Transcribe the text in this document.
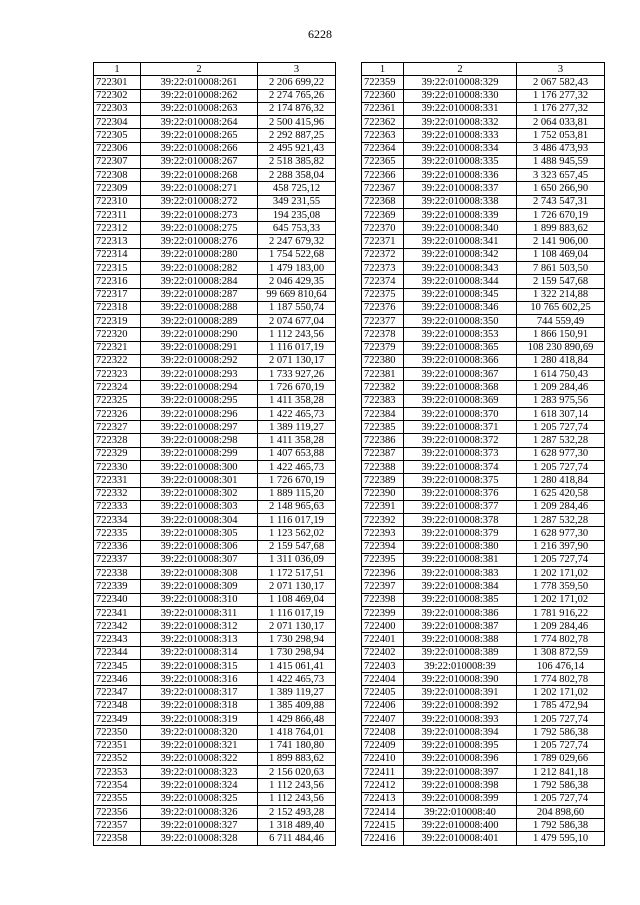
6228
1	2	3
722301	39:22:010008:261	2 206 699,22
722302	39:22:010008:262	2 274 765,26
722303	39:22:010008:263	2 174 876,32
722304	39:22:010008:264	2 500 415,96
722305	39:22:010008:265	2 292 887,25
722306	39:22:010008:266	2 495 921,43
722307	39:22:010008:267	2 518 385,82
722308	39:22:010008:268	2 288 358,04
722309	39:22:010008:271	458 725,12
722310	39:22:010008:272	349 231,55
722311	39:22:010008:273	194 235,08
722312	39:22:010008:275	645 753,33
722313	39:22:010008:276	2 247 679,32
722314	39:22:010008:280	1 754 522,68
722315	39:22:010008:282	1 479 183,00
722316	39:22:010008:284	2 046 429,35
722317	39:22:010008:287	99 669 810,64
722318	39:22:010008:288	1 187 550,74
722319	39:22:010008:289	2 074 677,04
722320	39:22:010008:290	1 112 243,56
722321	39:22:010008:291	1 116 017,19
722322	39:22:010008:292	2 071 130,17
722323	39:22:010008:293	1 733 927,26
722324	39:22:010008:294	1 726 670,19
722325	39:22:010008:295	1 411 358,28
722326	39:22:010008:296	1 422 465,73
722327	39:22:010008:297	1 389 119,27
722328	39:22:010008:298	1 411 358,28
722329	39:22:010008:299	1 407 653,88
722330	39:22:010008:300	1 422 465,73
722331	39:22:010008:301	1 726 670,19
722332	39:22:010008:302	1 889 115,20
722333	39:22:010008:303	2 148 965,63
722334	39:22:010008:304	1 116 017,19
722335	39:22:010008:305	1 123 562,02
722336	39:22:010008:306	2 159 547,68
722337	39:22:010008:307	1 311 036,09
722338	39:22:010008:308	1 172 517,51
722339	39:22:010008:309	2 071 130,17
722340	39:22:010008:310	1 108 469,04
722341	39:22:010008:311	1 116 017,19
722342	39:22:010008:312	2 071 130,17
722343	39:22:010008:313	1 730 298,94
722344	39:22:010008:314	1 730 298,94
722345	39:22:010008:315	1 415 061,41
722346	39:22:010008:316	1 422 465,73
722347	39:22:010008:317	1 389 119,27
722348	39:22:010008:318	1 385 409,88
722349	39:22:010008:319	1 429 866,48
722350	39:22:010008:320	1 418 764,01
722351	39:22:010008:321	1 741 180,80
722352	39:22:010008:322	1 899 883,62
722353	39:22:010008:323	2 156 020,63
722354	39:22:010008:324	1 112 243,56
722355	39:22:010008:325	1 112 243,56
722356	39:22:010008:326	2 152 493,28
722357	39:22:010008:327	1 318 489,40
722358	39:22:010008:328	6 711 484,46
1	2	3
722359	39:22:010008:329	2 067 582,43
722360	39:22:010008:330	1 176 277,32
722361	39:22:010008:331	1 176 277,32
722362	39:22:010008:332	2 064 033,81
722363	39:22:010008:333	1 752 053,81
722364	39:22:010008:334	3 486 473,93
722365	39:22:010008:335	1 488 945,59
722366	39:22:010008:336	3 323 657,45
722367	39:22:010008:337	1 650 266,90
722368	39:22:010008:338	2 743 547,31
722369	39:22:010008:339	1 726 670,19
722370	39:22:010008:340	1 899 883,62
722371	39:22:010008:341	2 141 906,00
722372	39:22:010008:342	1 108 469,04
722373	39:22:010008:343	7 861 503,50
722374	39:22:010008:344	2 159 547,68
722375	39:22:010008:345	1 322 214,88
722376	39:22:010008:346	10 765 602,25
722377	39:22:010008:350	744 559,49
722378	39:22:010008:353	1 866 150,91
722379	39:22:010008:365	108 230 890,69
722380	39:22:010008:366	1 280 418,84
722381	39:22:010008:367	1 614 750,43
722382	39:22:010008:368	1 209 284,46
722383	39:22:010008:369	1 283 975,56
722384	39:22:010008:370	1 618 307,14
722385	39:22:010008:371	1 205 727,74
722386	39:22:010008:372	1 287 532,28
722387	39:22:010008:373	1 628 977,30
722388	39:22:010008:374	1 205 727,74
722389	39:22:010008:375	1 280 418,84
722390	39:22:010008:376	1 625 420,58
722391	39:22:010008:377	1 209 284,46
722392	39:22:010008:378	1 287 532,28
722393	39:22:010008:379	1 628 977,30
722394	39:22:010008:380	1 216 397,90
722395	39:22:010008:381	1 205 727,74
722396	39:22:010008:383	1 202 171,02
722397	39:22:010008:384	1 778 359,50
722398	39:22:010008:385	1 202 171,02
722399	39:22:010008:386	1 781 916,22
722400	39:22:010008:387	1 209 284,46
722401	39:22:010008:388	1 774 802,78
722402	39:22:010008:389	1 308 872,59
722403	39:22:010008:39	106 476,14
722404	39:22:010008:390	1 774 802,78
722405	39:22:010008:391	1 202 171,02
722406	39:22:010008:392	1 785 472,94
722407	39:22:010008:393	1 205 727,74
722408	39:22:010008:394	1 792 586,38
722409	39:22:010008:395	1 205 727,74
722410	39:22:010008:396	1 789 029,66
722411	39:22:010008:397	1 212 841,18
722412	39:22:010008:398	1 792 586,38
722413	39:22:010008:399	1 205 727,74
722414	39:22:010008:40	204 898,60
722415	39:22:010008:400	1 792 586,38
722416	39:22:010008:401	1 479 595,10
